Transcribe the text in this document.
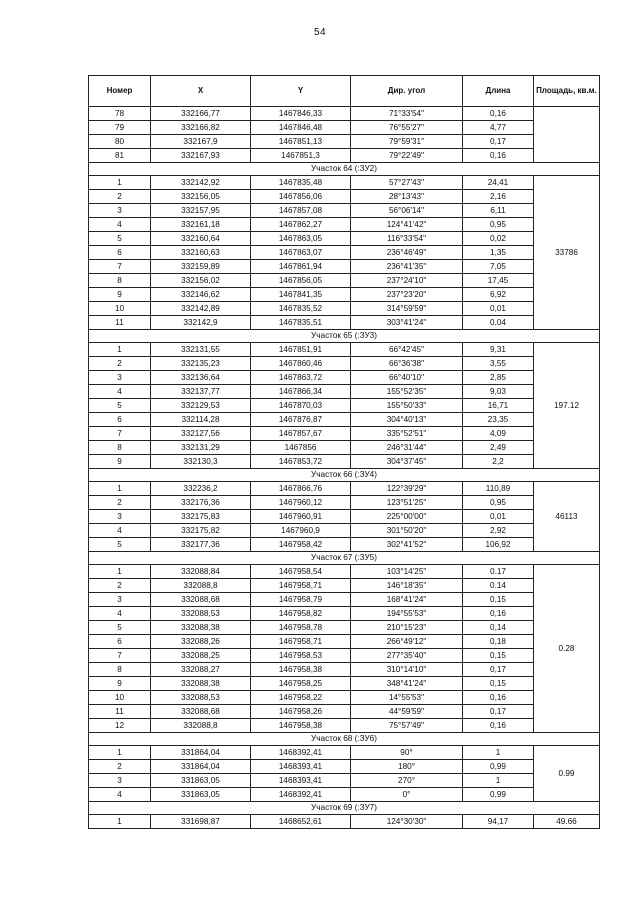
54
Номер	X	Y	Дир. угол	Длина	Площадь, кв.м.
78	332166,77	1467846,33	71°33'54"	0,16	
79	332166,82	1467846,48	76°55'27"	4,77	
80	332167,9	1467851,13	79°59'31"	0,17	
81	332167,93	1467851,3	79°22'49"	0,16	
Участок 64 (:ЗУ2)					
1	332142,92	1467835,48	57°27'43"	24,41	33786
2	332156,05	1467856,06	28°13'43"	2,16	
3	332157,95	1467857,08	56°06'14"	6,11	
4	332161,18	1467862,27	124°41'42"	0,95	
5	332160,64	1467863,05	116°33'54"	0,02	
6	332160,63	1467863,07	236°46'49"	1,35	
7	332159,89	1467861,94	236°41'35"	7,05	
8	332156,02	1467856,05	237°24'10"	17,45	
9	332146,62	1467841,35	237°23'20"	6,92	
10	332142,89	1467835,52	314°59'59"	0,01	
11	332142,9	1467835,51	303°41'24"	0,04	
Участок 65 (:ЗУ3)					
1	332131,55	1467851,91	66°42'45"	9,31	197.12
2	332135,23	1467860,46	66°36'38"	3,55	
3	332136,64	1467863,72	66°40'10"	2,85	
4	332137,77	1467866,34	155°52'35"	9,03	
5	332129,53	1467870,03	155°50'33"	16,71	
6	332114,28	1467876,87	304°40'13"	23,35	
7	332127,56	1467857,67	335°52'51"	4,09	
8	332131,29	1467856	246°31'44"	2,49	
9	332130,3	1467853,72	304°37'45"	2,2	
Участок 66 (:ЗУ4)					
1	332236,2	1467866,76	122°39'29"	110,89	46113
2	332176,36	1467960,12	123°51'25"	0,95	
3	332175,83	1467960,91	225°00'00"	0,01	
4	332175,82	1467960,9	301°50'20"	2,92	
5	332177,36	1467958,42	302°41'52"	106,92	
Участок 67 (:ЗУ5)					
1	332088,84	1467958,54	103°14'25"	0.17	0.28
2	332088,8	1467958,71	146°18'35"	0.14	
3	332088,68	1467958,79	168°41'24"	0,15	
4	332088,53	1467958,82	194°55'53"	0,16	
5	332088,38	1467958,78	210°15'23"	0,14	
6	332088,26	1467958,71	266°49'12"	0,18	
7	332088,25	1467958,53	277°35'40"	0,15	
8	332088,27	1467958,38	310°14'10"	0,17	
9	332088,38	1467958,25	348°41'24"	0,15	
10	332088,53	1467958,22	14°55'53"	0,16	
11	332088,68	1467958,26	44°59'59"	0,17	
12	332088,8	1467958,38	75°57'49"	0,16	
Участок 68 (:ЗУ6)					
1	331864,04	1468392,41	90°	1	0.99
2	331864,04	1468393,41	180°	0,99	
3	331863,05	1468393,41	270°	1	
4	331863,05	1468392,41	0°	0,99	
Участок 69 (:ЗУ7)					
1	331698,87	1468652,61	124°30'30"	94,17	49.66
